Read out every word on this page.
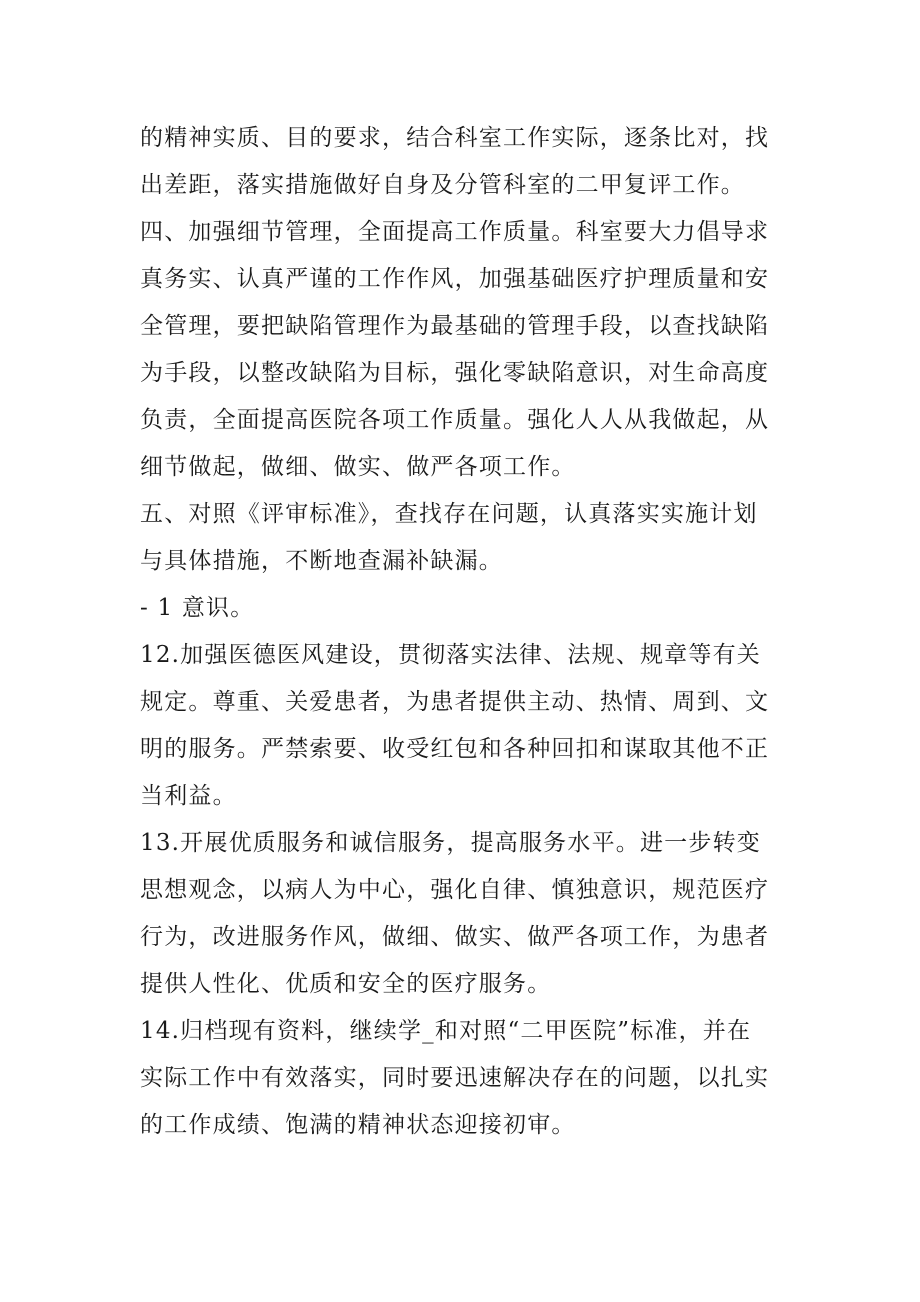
的精神实质、目的要求，结合科室工作实际，逐条比对，找
出差距，落实措施做好自身及分管科室的二甲复评工作。
四、加强细节管理，全面提高工作质量。科室要大力倡导求
真务实、认真严谨的工作作风，加强基础医疗护理质量和安
全管理，要把缺陷管理作为最基础的管理手段，以查找缺陷
为手段，以整改缺陷为目标，强化零缺陷意识，对生命高度
负责，全面提高医院各项工作质量。强化人人从我做起，从
细节做起，做细、做实、做严各项工作。
五、对照《评审标准》，查找存在问题，认真落实实施计划
与具体措施，不断地查漏补缺漏。
- 1 意识。
12.加强医德医风建设，贯彻落实法律、法规、规章等有关
规定。尊重、关爱患者，为患者提供主动、热情、周到、文
明的服务。严禁索要、收受红包和各种回扣和谋取其他不正
当利益。
13.开展优质服务和诚信服务，提高服务水平。进一步转变
思想观念，以病人为中心，强化自律、慎独意识，规范医疗
行为，改进服务作风，做细、做实、做严各项工作，为患者
提供人性化、优质和安全的医疗服务。
14.归档现有资料，继续学_和对照“二甲医院”标准，并在
实际工作中有效落实，同时要迅速解决存在的问题，以扎实
的工作成绩、饱满的精神状态迎接初审。
